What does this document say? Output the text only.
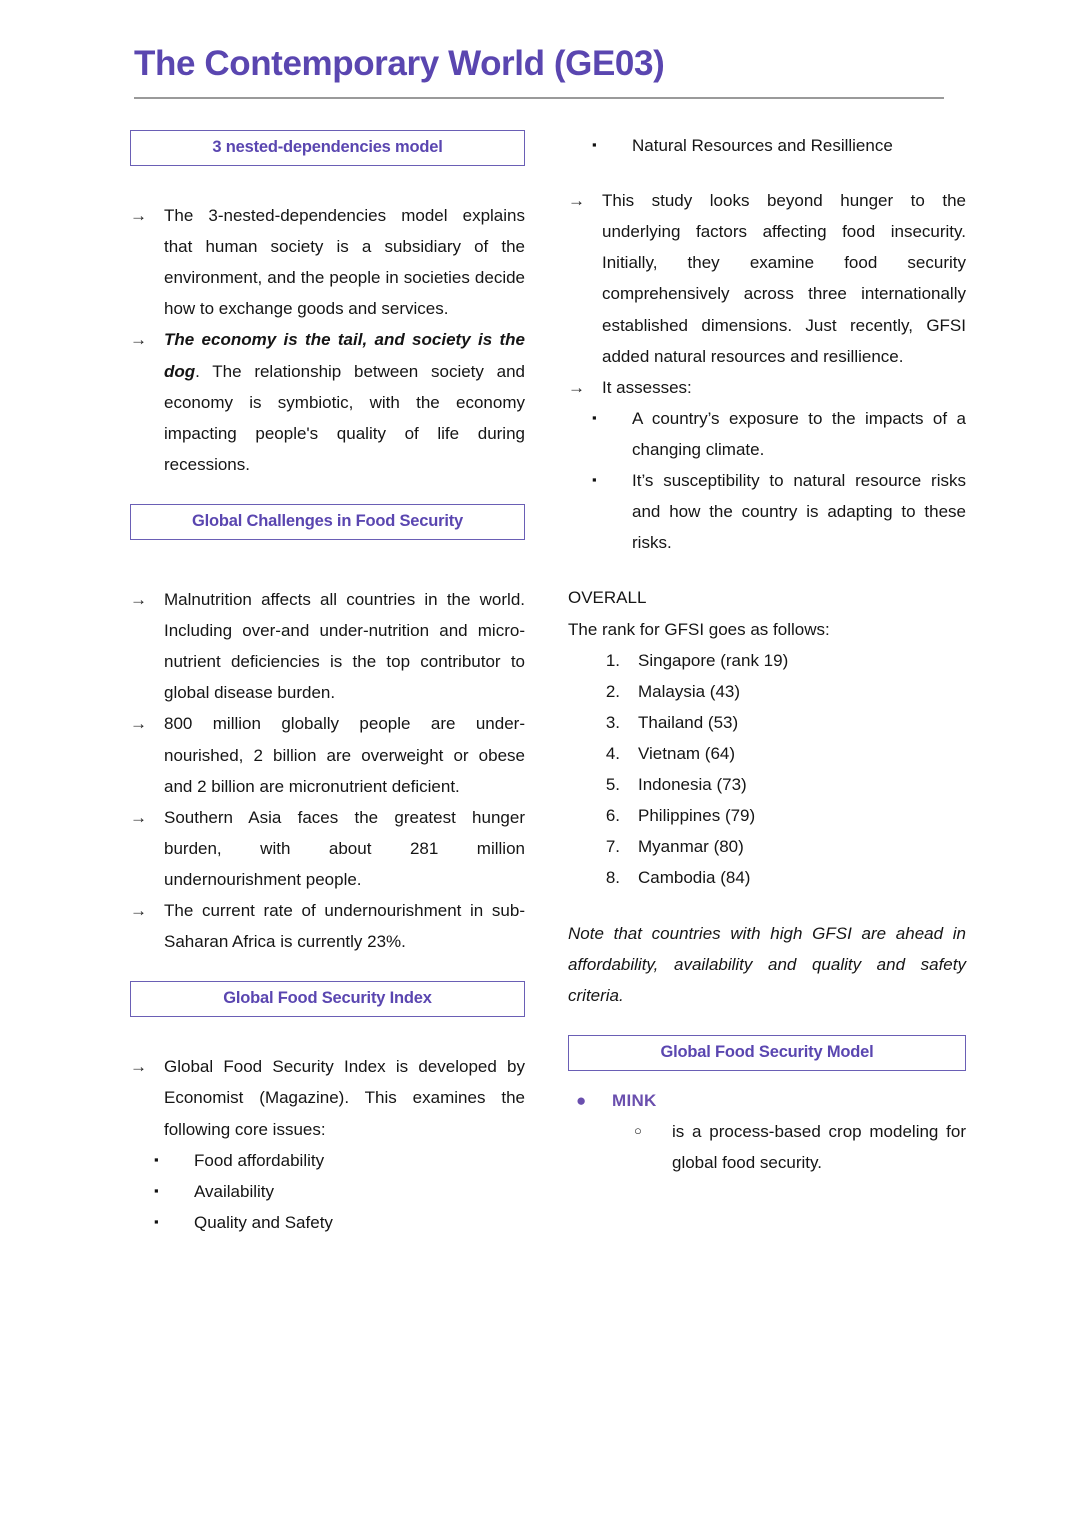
The Contemporary World (GE03)
3 nested-dependencies model
→ The 3-nested-dependencies model explains that human society is a subsidiary of the environment, and the people in societies decide how to exchange goods and services.
→ The economy is the tail, and society is the dog. The relationship between society and economy is symbiotic, with the economy impacting people's quality of life during recessions.
Global Challenges in Food Security
→ Malnutrition affects all countries in the world. Including over-and under-nutrition and micro-nutrient deficiencies is the top contributor to global disease burden.
→ 800 million globally people are under-nourished, 2 billion are overweight or obese and 2 billion are micronutrient deficient.
→ Southern Asia faces the greatest hunger burden, with about 281 million undernourishment people.
→ The current rate of undernourishment in sub-Saharan Africa is currently 23%.
Global Food Security Index
→ Global Food Security Index is developed by Economist (Magazine). This examines the following core issues:
▪ Food affordability
▪ Availability
▪ Quality and Safety
▪ Natural Resources and Resillience
→ This study looks beyond hunger to the underlying factors affecting food insecurity. Initially, they examine food security comprehensively across three internationally established dimensions. Just recently, GFSI added natural resources and resillience.
→ It assesses:
▪ A country’s exposure to the impacts of a changing climate.
▪ It’s susceptibility to natural resource risks and how the country is adapting to these risks.
OVERALL
The rank for GFSI goes as follows:
1. Singapore (rank 19)
2. Malaysia (43)
3. Thailand (53)
4. Vietnam (64)
5. Indonesia (73)
6. Philippines (79)
7. Myanmar (80)
8. Cambodia (84)
Note that countries with high GFSI are ahead in affordability, availability and quality and safety criteria.
Global Food Security Model
● MINK
○ is a process-based crop modeling for global food security.
